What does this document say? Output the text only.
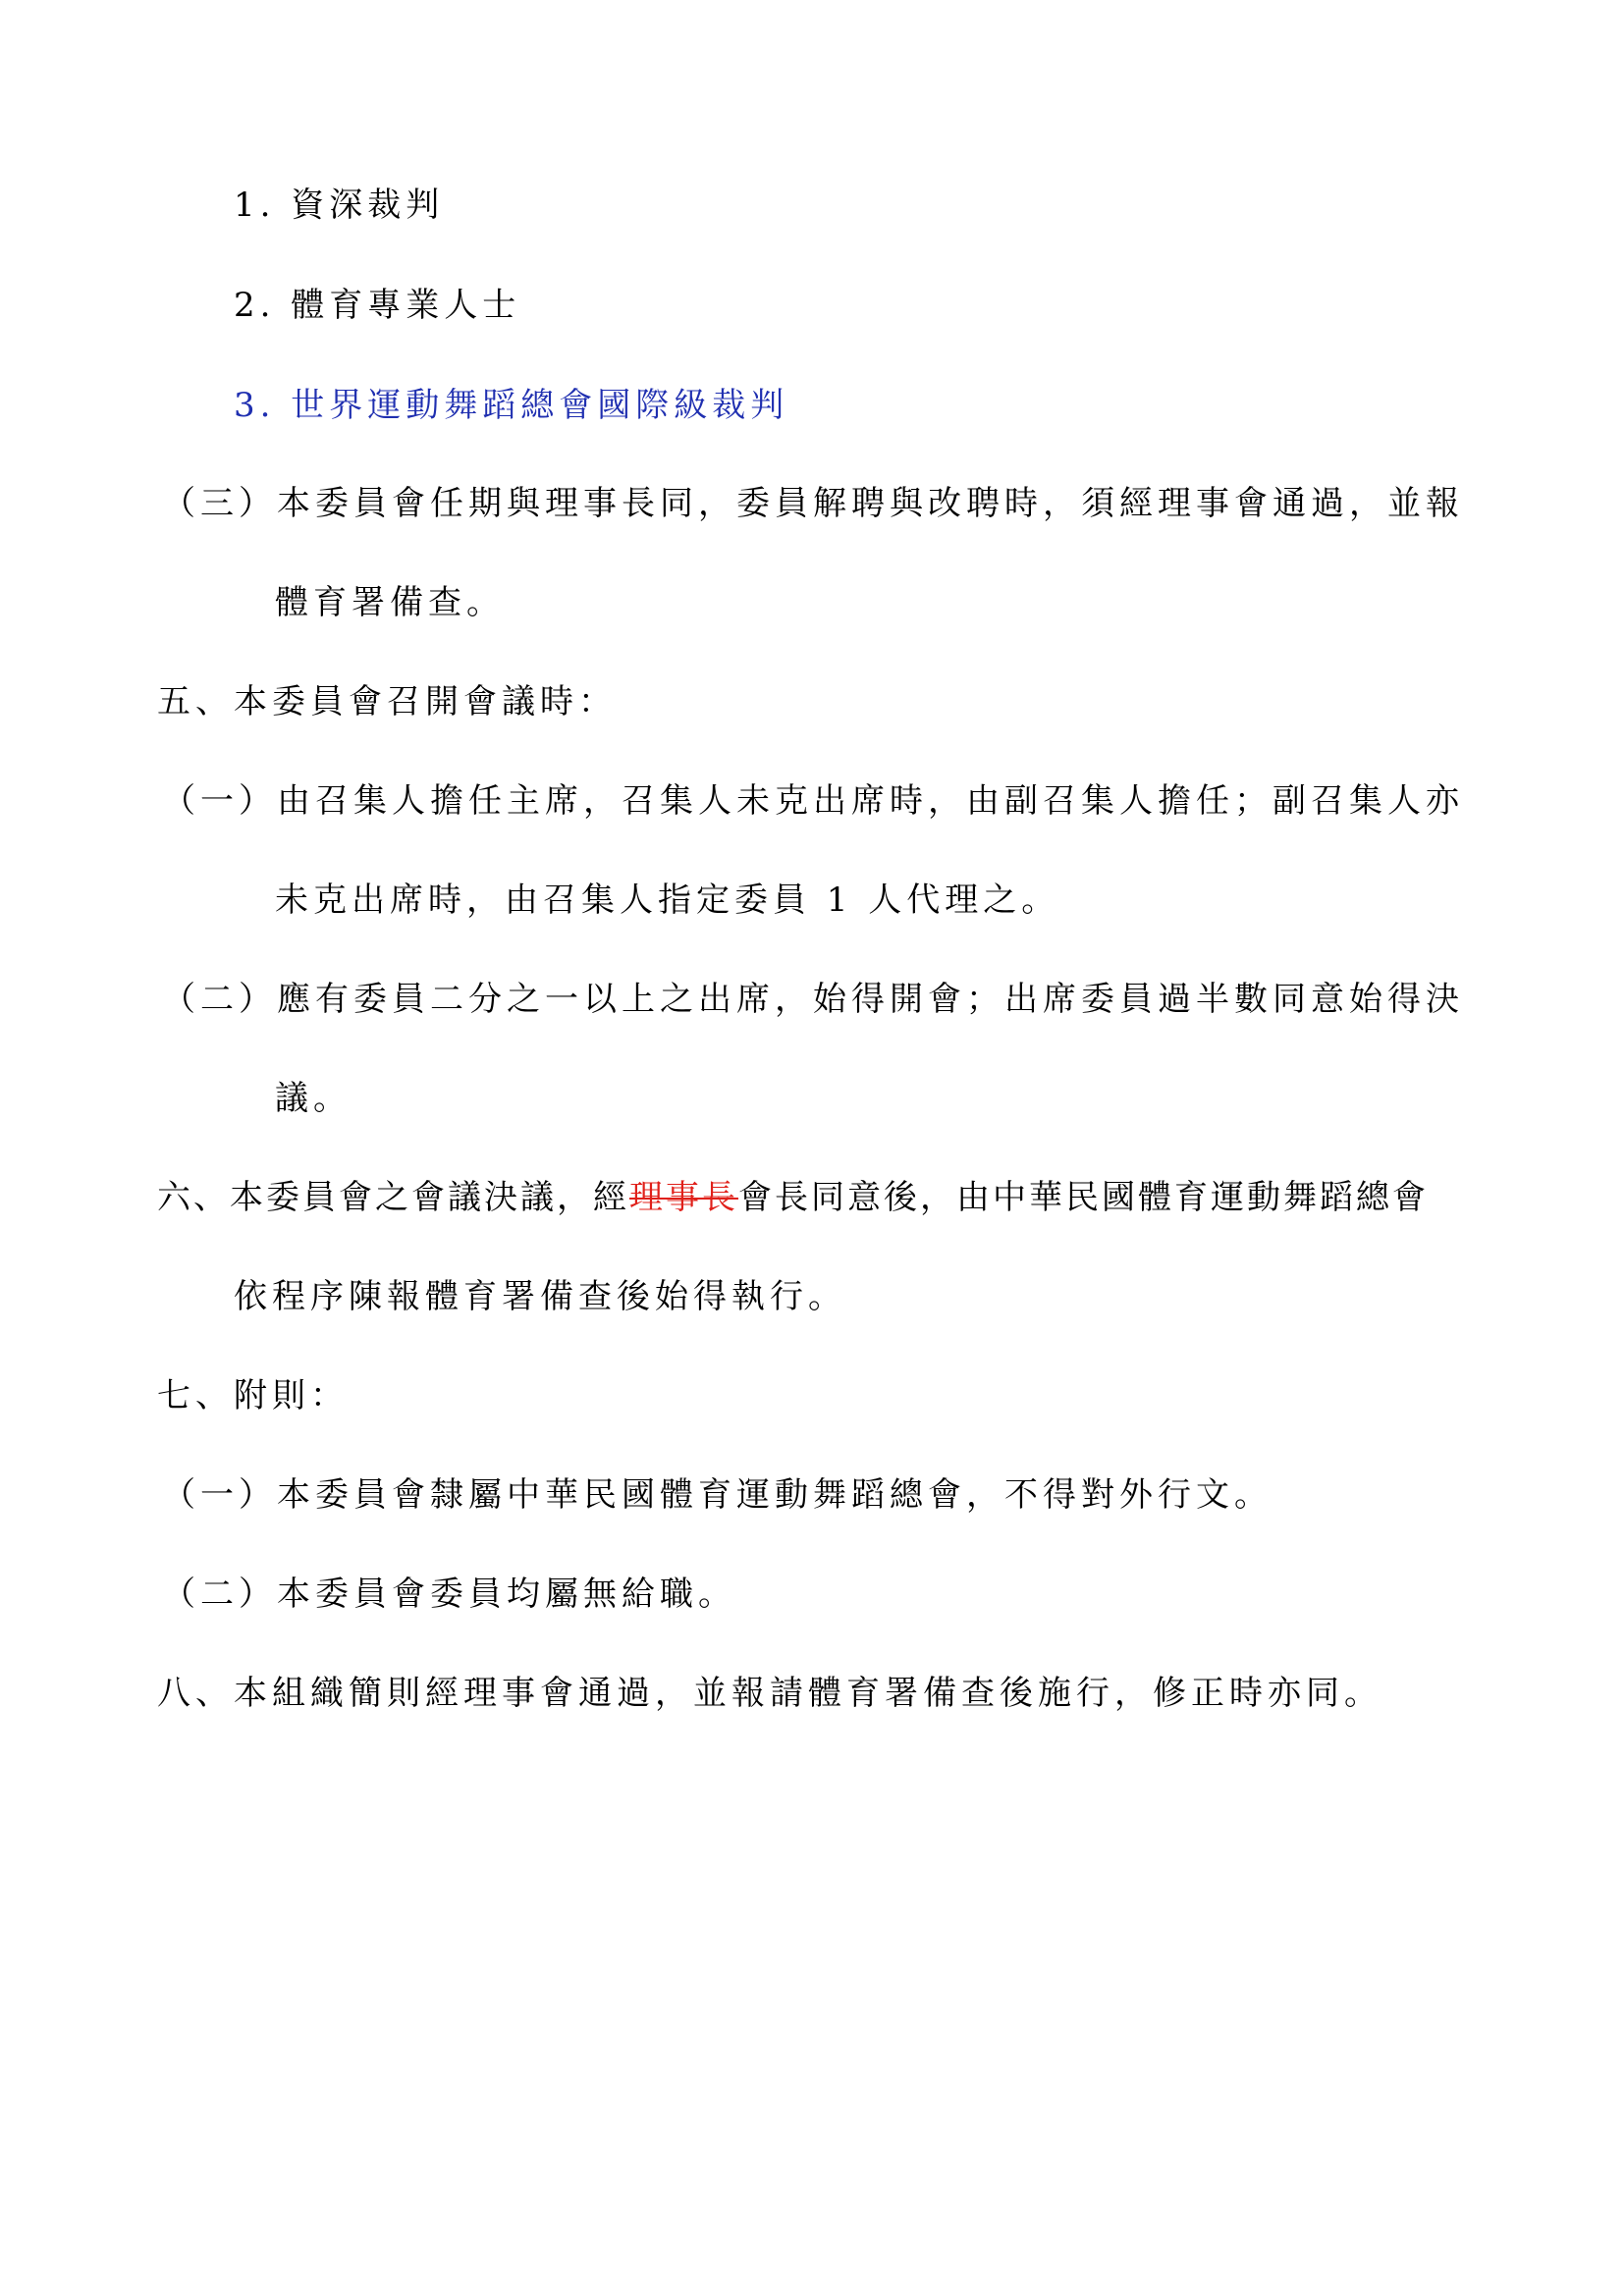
1. 資深裁判
2. 體育專業人士
3. 世界運動舞蹈總會國際級裁判
（三）本委員會任期與理事長同，委員解聘與改聘時，須經理事會通過，並報
體育署備查。
五、本委員會召開會議時：
（一）由召集人擔任主席，召集人未克出席時，由副召集人擔任；副召集人亦
未克出席時，由召集人指定委員 1 人代理之。
（二）應有委員二分之一以上之出席，始得開會；出席委員過半數同意始得決
議。
六、本委員會之會議決議，經理事長會長同意後，由中華民國體育運動舞蹈總會
依程序陳報體育署備查後始得執行。
七、附則：
（一）本委員會隸屬中華民國體育運動舞蹈總會，不得對外行文。
（二）本委員會委員均屬無給職。
八、本組織簡則經理事會通過，並報請體育署備查後施行，修正時亦同。
